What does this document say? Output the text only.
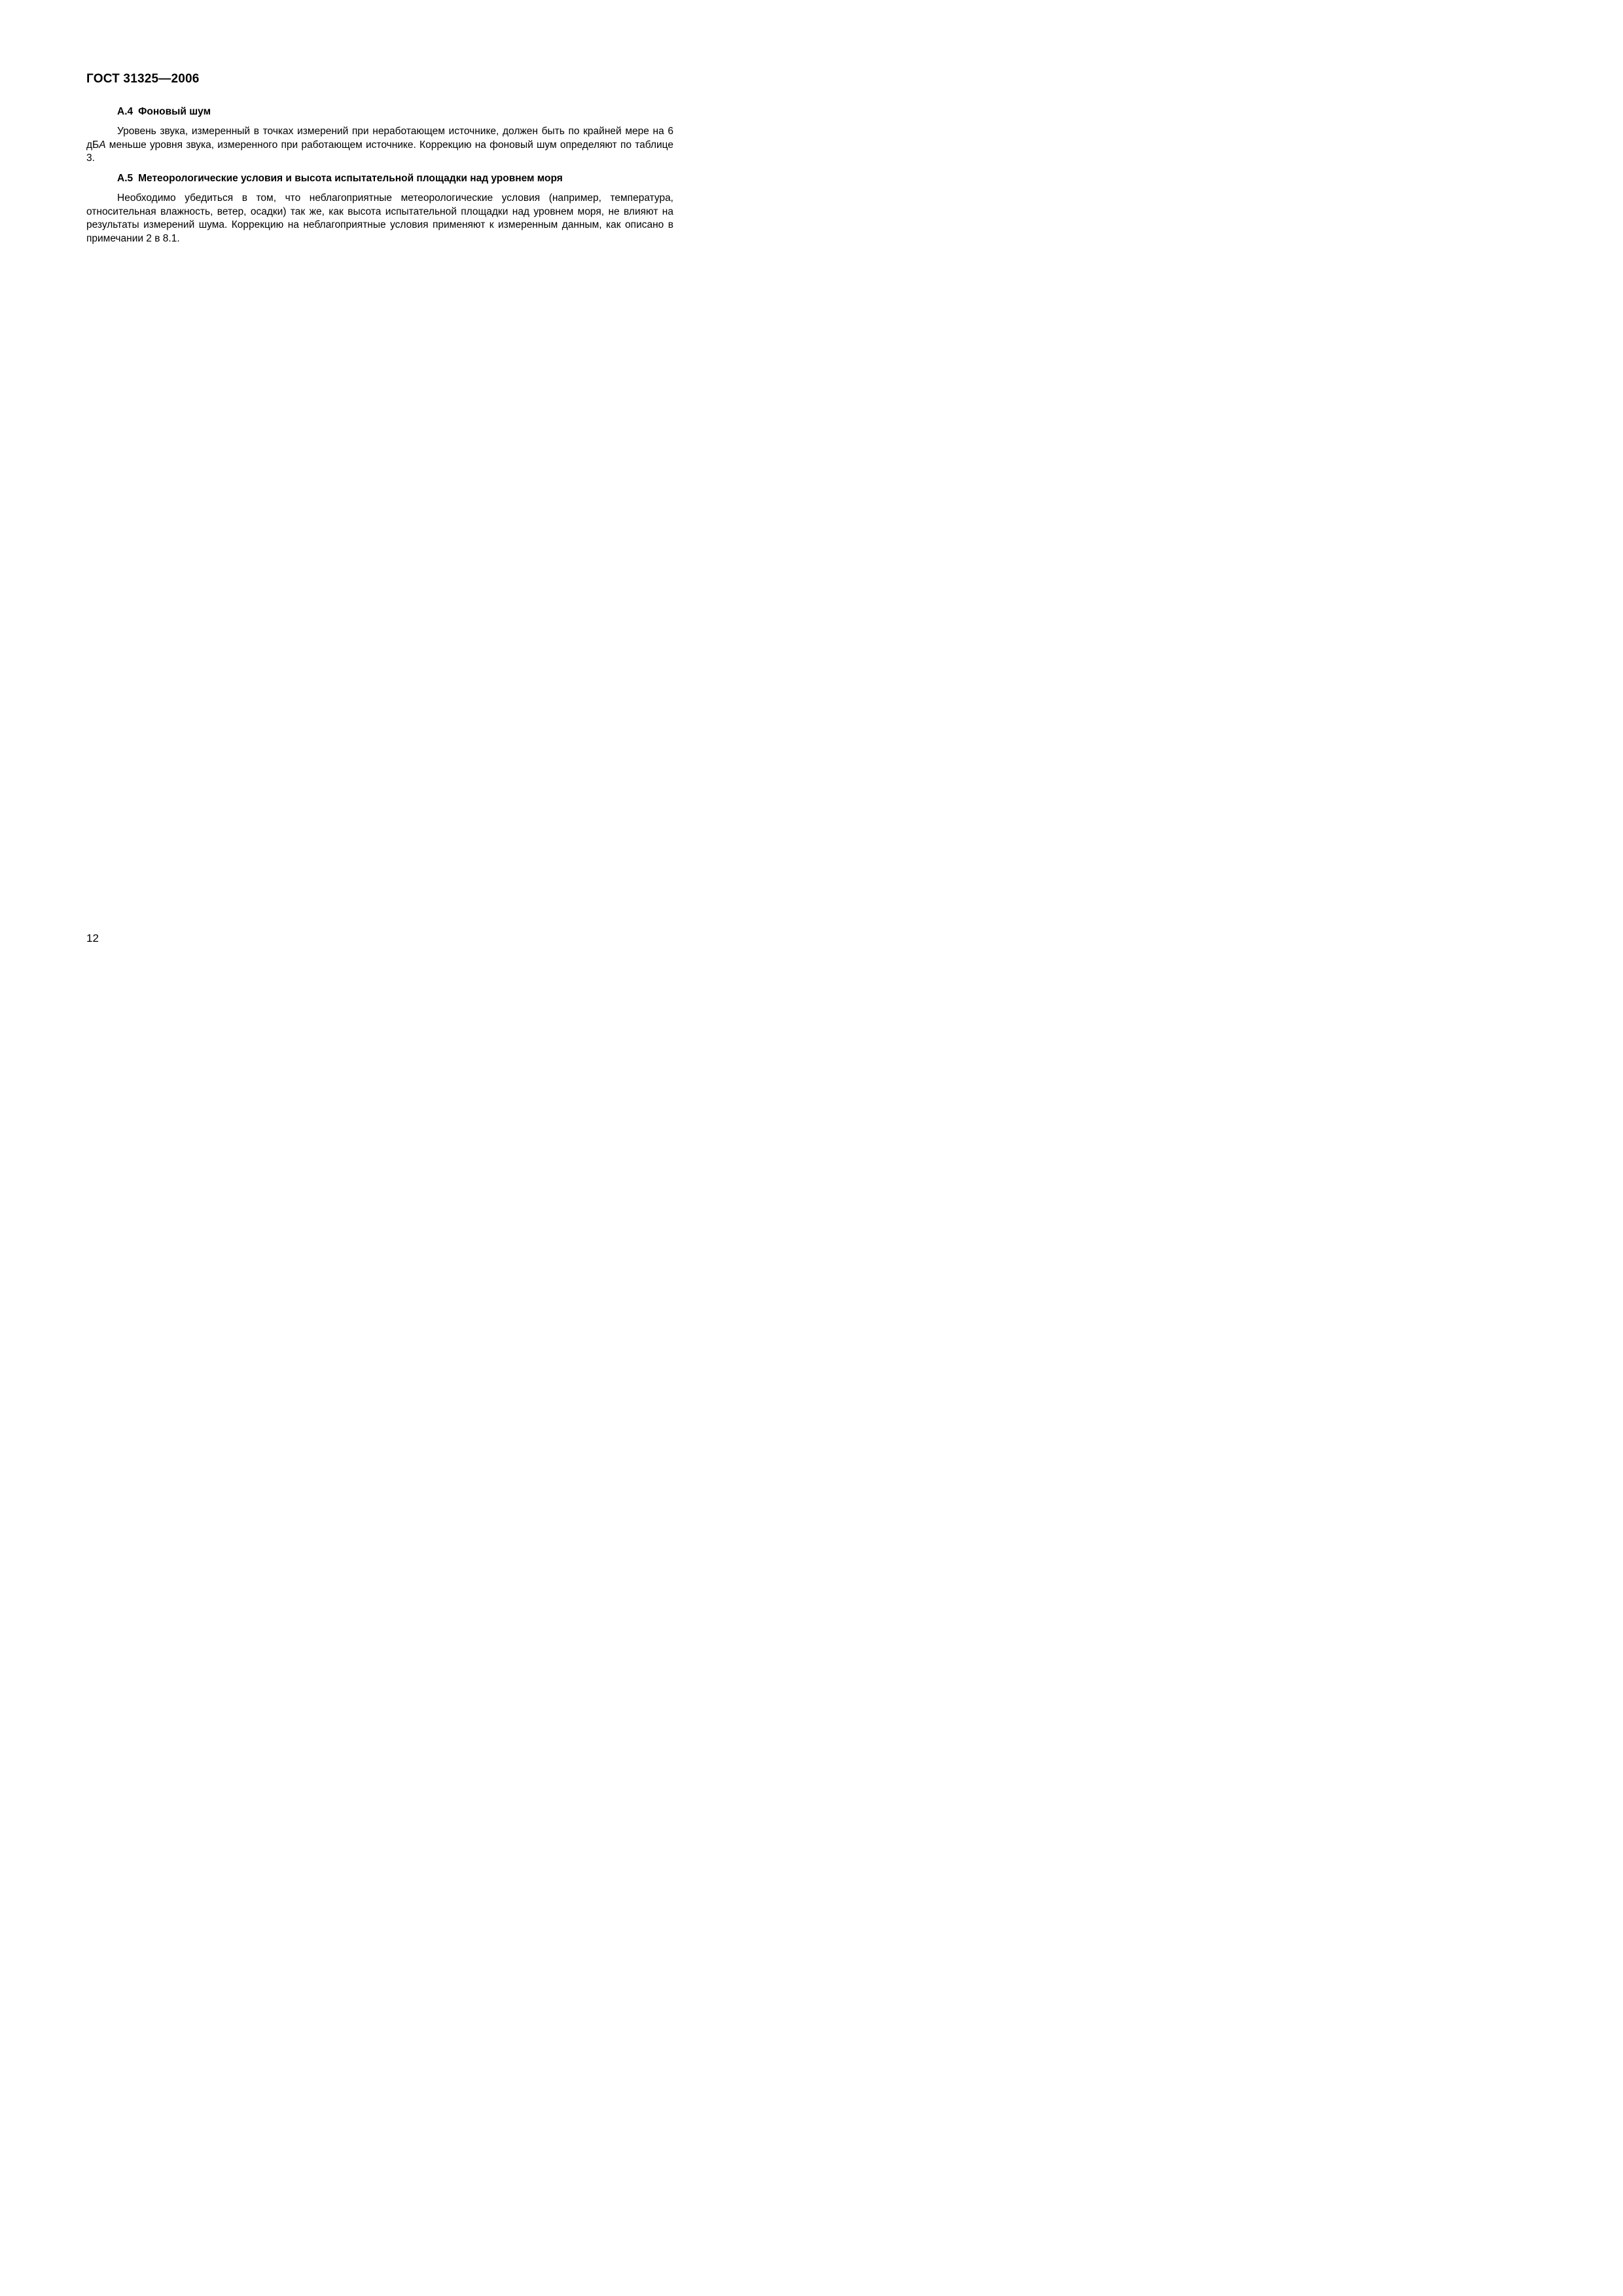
ГОСТ 31325—2006
А.4 Фоновый шум

Уровень звука, измеренный в точках измерений при неработающем источнике, должен быть по крайней мере на 6 дБА меньше уровня звука, измеренного при работающем источнике. Коррекцию на фоновый шум определяют по таблице 3.

А.5 Метеорологические условия и высота испытательной площадки над уровнем моря

Необходимо убедиться в том, что неблагоприятные метеорологические условия (например, температура, относительная влажность, ветер, осадки) так же, как высота испытательной площадки над уровнем моря, не влияют на результаты измерений шума. Коррекцию на неблагоприятные условия применяют к измеренным данным, как описано в примечании 2 в 8.1.

12
